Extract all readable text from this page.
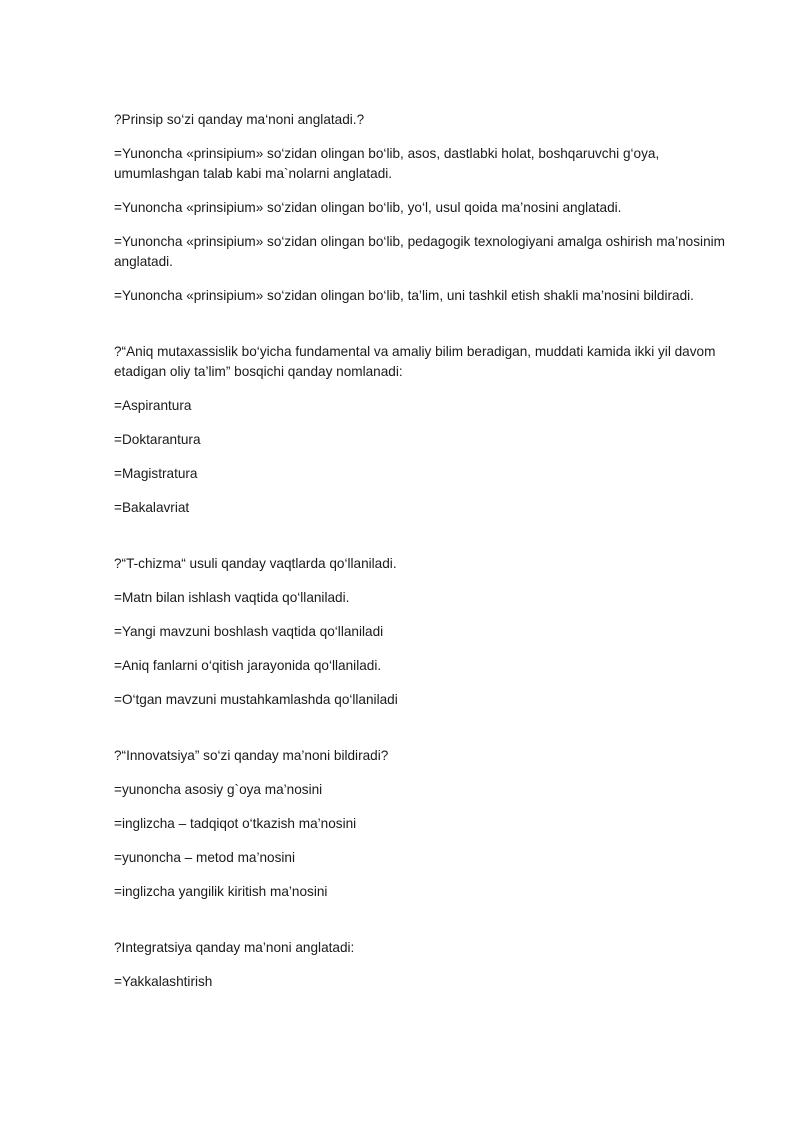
?Prinsip so‘zi qanday ma‘noni anglatadi.?

=Yunoncha «prinsipium» so‘zidan olingan bo‘lib, asos, dastlabki holat, boshqaruvchi g‘oya, umumlashgan talab kabi ma`nolarni anglatadi.

=Yunoncha «prinsipium» so‘zidan olingan bo‘lib, yo‘l, usul qoida ma’nosini anglatadi.

=Yunoncha «prinsipium» so‘zidan olingan bo‘lib, pedagogik texnologiyani amalga oshirish ma’nosinim anglatadi.

=Yunoncha «prinsipium» so‘zidan olingan bo‘lib, ta’lim, uni tashkil etish shakli ma’nosini bildiradi.

?“Aniq mutaxassislik bo‘yicha fundamental va amaliy bilim beradigan, muddati kamida ikki yil davom etadigan oliy ta’lim” bosqichi qanday nomlanadi:

=Aspirantura

=Doktarantura

=Magistratura

=Bakalavriat

?“T-chizma“ usuli qanday vaqtlarda qo‘llaniladi.

=Matn bilan ishlash vaqtida qo‘llaniladi.

=Yangi mavzuni boshlash vaqtida qo‘llaniladi

=Aniq fanlarni o‘qitish jarayonida qo‘llaniladi.

=O‘tgan mavzuni mustahkamlashda qo‘llaniladi

?“Innovatsiya” so‘zi qanday ma’noni bildiradi?

=yunoncha asosiy g`oya ma’nosini

=inglizcha – tadqiqot o‘tkazish ma’nosini

=yunoncha – metod ma’nosini

=inglizcha yangilik kiritish ma’nosini

?Integratsiya qanday ma’noni anglatadi:

=Yakkalashtirish
